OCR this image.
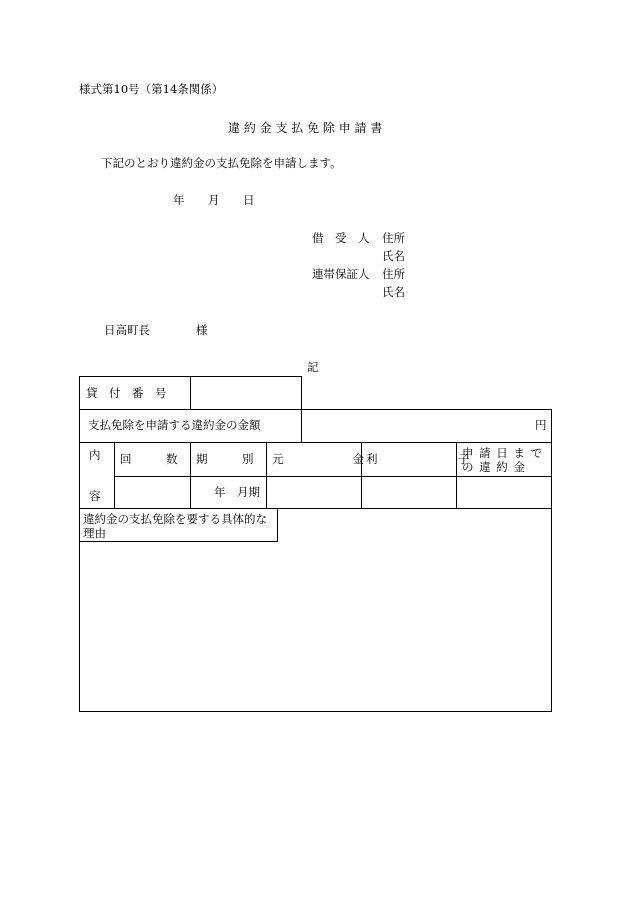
様式第10号（第14条関係）
違 約 金 支 払 免 除 申 請 書
下記のとおり違約金の支払免除を申請します。
年 月 日
借　受　人 住所
氏名
連帯保証人 住所
氏名
日高町長	様
記
貸　付　番　号
支払免除を申請する違約金の金額	円
内
容
回　　　数 期　　　別 元　　　　　　金 利　　　　　　　子
申 請 日 ま で の 違 約 金
年　月期
違約金の支払免除を要する具体的な理由
